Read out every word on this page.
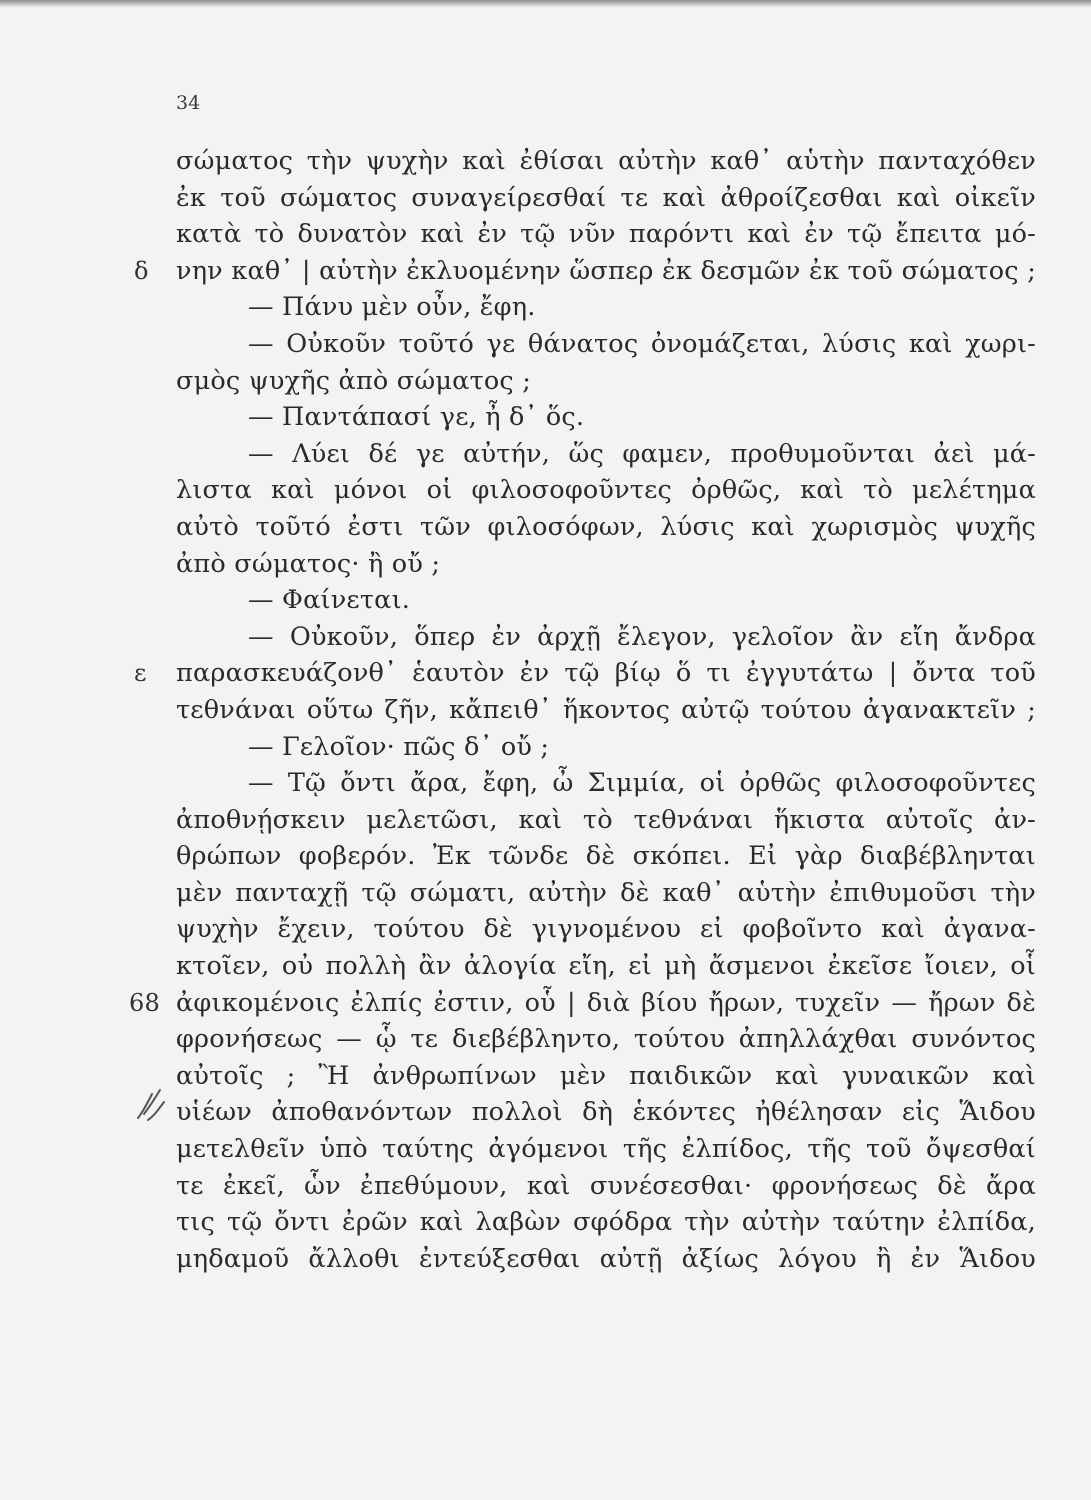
34
σώματος τὴν ψυχὴν καὶ ἐθίσαι αὐτὴν καθ᾽ αὑτὴν πανταχόθεν
ἐκ τοῦ σώματος συναγείρεσθαί τε καὶ ἀθροίζεσθαι καὶ οἰκεῖν
κατὰ τὸ δυνατὸν καὶ ἐν τῷ νῦν παρόντι καὶ ἐν τῷ ἔπειτα μό-
νην καθ᾽ | αὑτὴν ἐκλυομένην ὥσπερ ἐκ δεσμῶν ἐκ τοῦ σώματος ;
δ
— Πάνυ μὲν οὖν, ἔφη.
— Οὐκοῦν τοῦτό γε θάνατος ὀνομάζεται, λύσις καὶ χωρι-
σμὸς ψυχῆς ἀπὸ σώματος ;
— Παντάπασί γε, ἦ δ᾽ ὅς.
— Λύει δέ γε αὐτήν, ὥς φαμεν, προθυμοῦνται ἀεὶ μά-
λιστα καὶ μόνοι οἱ φιλοσοφοῦντες ὀρθῶς, καὶ τὸ μελέτημα
αὐτὸ τοῦτό ἐστι τῶν φιλοσόφων, λύσις καὶ χωρισμὸς ψυχῆς
ἀπὸ σώματος· ἢ οὔ ;
— Φαίνεται.
— Οὐκοῦν, ὅπερ ἐν ἀρχῇ ἔλεγον, γελοῖον ἂν εἴη ἄνδρα
παρασκευάζονθ᾽ ἑαυτὸν ἐν τῷ βίῳ ὅ τι ἐγγυτάτω | ὄντα τοῦ
ε
τεθνάναι οὕτω ζῆν, κἄπειθ᾽ ἥκοντος αὐτῷ τούτου ἀγανακτεῖν ;
— Γελοῖον· πῶς δ᾽ οὔ ;
— Τῷ ὄντι ἄρα, ἔφη, ὦ Σιμμία, οἱ ὀρθῶς φιλοσοφοῦντες
ἀποθνῄσκειν μελετῶσι, καὶ τὸ τεθνάναι ἥκιστα αὐτοῖς ἀν-
θρώπων φοβερόν. Ἐκ τῶνδε δὲ σκόπει. Εἰ γὰρ διαβέβληνται
μὲν πανταχῇ τῷ σώματι, αὐτὴν δὲ καθ᾽ αὑτὴν ἐπιθυμοῦσι τὴν
ψυχὴν ἔχειν, τούτου δὲ γιγνομένου εἰ φοβοῖντο καὶ ἀγανα-
κτοῖεν, οὐ πολλὴ ἂν ἀλογία εἴη, εἰ μὴ ἄσμενοι ἐκεῖσε ἴοιεν, οἷ
ἀφικομένοις ἐλπίς ἐστιν, οὗ | διὰ βίου ἤρων, τυχεῖν — ἤρων δὲ
68
φρονήσεως — ᾧ τε διεβέβληντο, τούτου ἀπηλλάχθαι συνόντος
αὐτοῖς ; Ἢ ἀνθρωπίνων μὲν παιδικῶν καὶ γυναικῶν καὶ
υἱέων ἀποθανόντων πολλοὶ δὴ ἑκόντες ἠθέλησαν εἰς Ἅιδου
μετελθεῖν ὑπὸ ταύτης ἀγόμενοι τῆς ἐλπίδος, τῆς τοῦ ὄψεσθαί
τε ἐκεῖ, ὧν ἐπεθύμουν, καὶ συνέσεσθαι· φρονήσεως δὲ ἄρα
τις τῷ ὄντι ἐρῶν καὶ λαβὼν σφόδρα τὴν αὐτὴν ταύτην ἐλπίδα,
μηδαμοῦ ἄλλοθι ἐντεύξεσθαι αὐτῇ ἀξίως λόγου ἢ ἐν Ἅιδου
